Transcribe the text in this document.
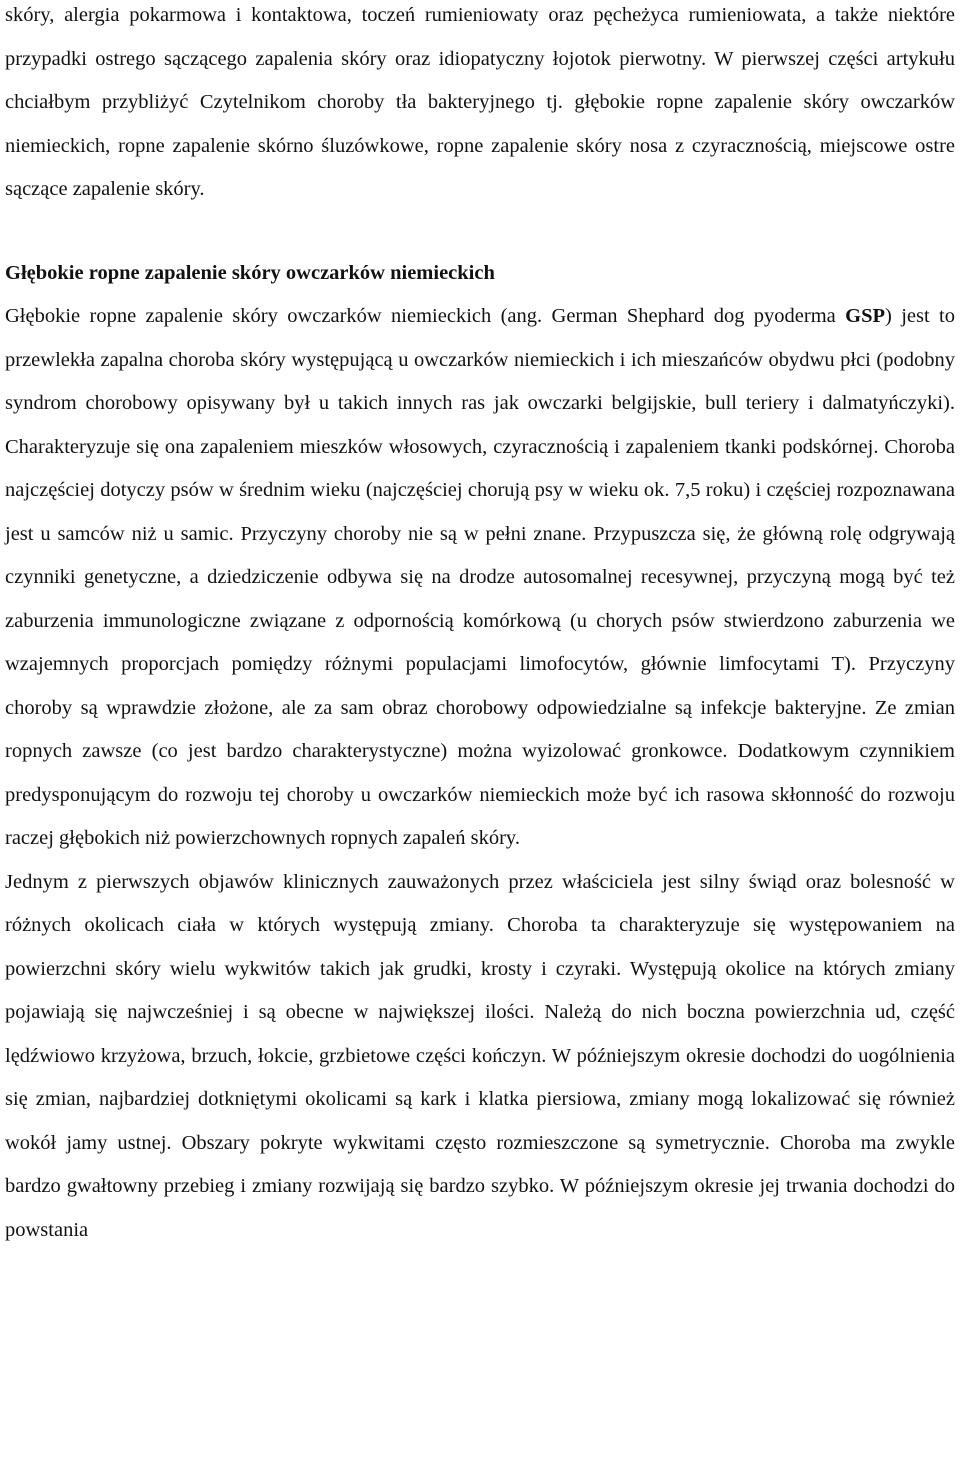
skóry, alergia pokarmowa i kontaktowa, toczeń rumieniowaty oraz pęcheżyca rumieniowata, a także niektóre przypadki ostrego sączącego zapalenia skóry oraz idiopatyczny łojotok pierwotny. W pierwszej części artykułu chciałbym przybliżyć Czytelnikom choroby tła bakteryjnego tj. głębokie ropne zapalenie skóry owczarków niemieckich, ropne zapalenie skórno śluzówkowe, ropne zapalenie skóry nosa z czyracznością, miejscowe ostre sączące zapalenie skóry.

Głębokie ropne zapalenie skóry owczarków niemieckich

Głębokie ropne zapalenie skóry owczarków niemieckich (ang. German Shephard dog pyoderma GSP) jest to przewlekła zapalna choroba skóry występującą u owczarków niemieckich i ich mieszańców obydwu płci (podobny syndrom chorobowy opisywany był u takich innych ras jak owczarki belgijskie, bull teriery i dalmatyńczyki). Charakteryzuje się ona zapaleniem mieszków włosowych, czyracznością i zapaleniem tkanki podskórnej. Choroba najczęściej dotyczy psów w średnim wieku (najczęściej chorują psy w wieku ok. 7,5 roku) i częściej rozpoznawana jest u samców niż u samic. Przyczyny choroby nie są w pełni znane. Przypuszcza się, że główną rolę odgrywają czynniki genetyczne, a dziedziczenie odbywa się na drodze autosomalnej recesywnej, przyczyną mogą być też zaburzenia immunologiczne związane z odpornością komórkową (u chorych psów stwierdzono zaburzenia we wzajemnych proporcjach pomiędzy różnymi populacjami limofocytów, głównie limfocytami T). Przyczyny choroby są wprawdzie złożone, ale za sam obraz chorobowy odpowiedzialne są infekcje bakteryjne. Ze zmian ropnych zawsze (co jest bardzo charakterystyczne) można wyizolować gronkowce. Dodatkowym czynnikiem predysponującym do rozwoju tej choroby u owczarków niemieckich może być ich rasowa skłonność do rozwoju raczej głębokich niż powierzchownych ropnych zapaleń skóry.

Jednym z pierwszych objawów klinicznych zauważonych przez właściciela jest silny świąd oraz bolesność w różnych okolicach ciała w których występują zmiany. Choroba ta charakteryzuje się występowaniem na powierzchni skóry wielu wykwitów takich jak grudki, krosty i czyraki. Występują okolice na których zmiany pojawiają się najwcześniej i są obecne w największej ilości. Należą do nich boczna powierzchnia ud, część lędźwiowo krzyżowa, brzuch, łokcie, grzbietowe części kończyn. W późniejszym okresie dochodzi do uogólnienia się zmian, najbardziej dotkniętymi okolicami są kark i klatka piersiowa, zmiany mogą lokalizować się również wokół jamy ustnej. Obszary pokryte wykwitami często rozmieszczone są symetrycznie. Choroba ma zwykle bardzo gwałtowny przebieg i zmiany rozwijają się bardzo szybko. W późniejszym okresie jej trwania dochodzi do powstania
